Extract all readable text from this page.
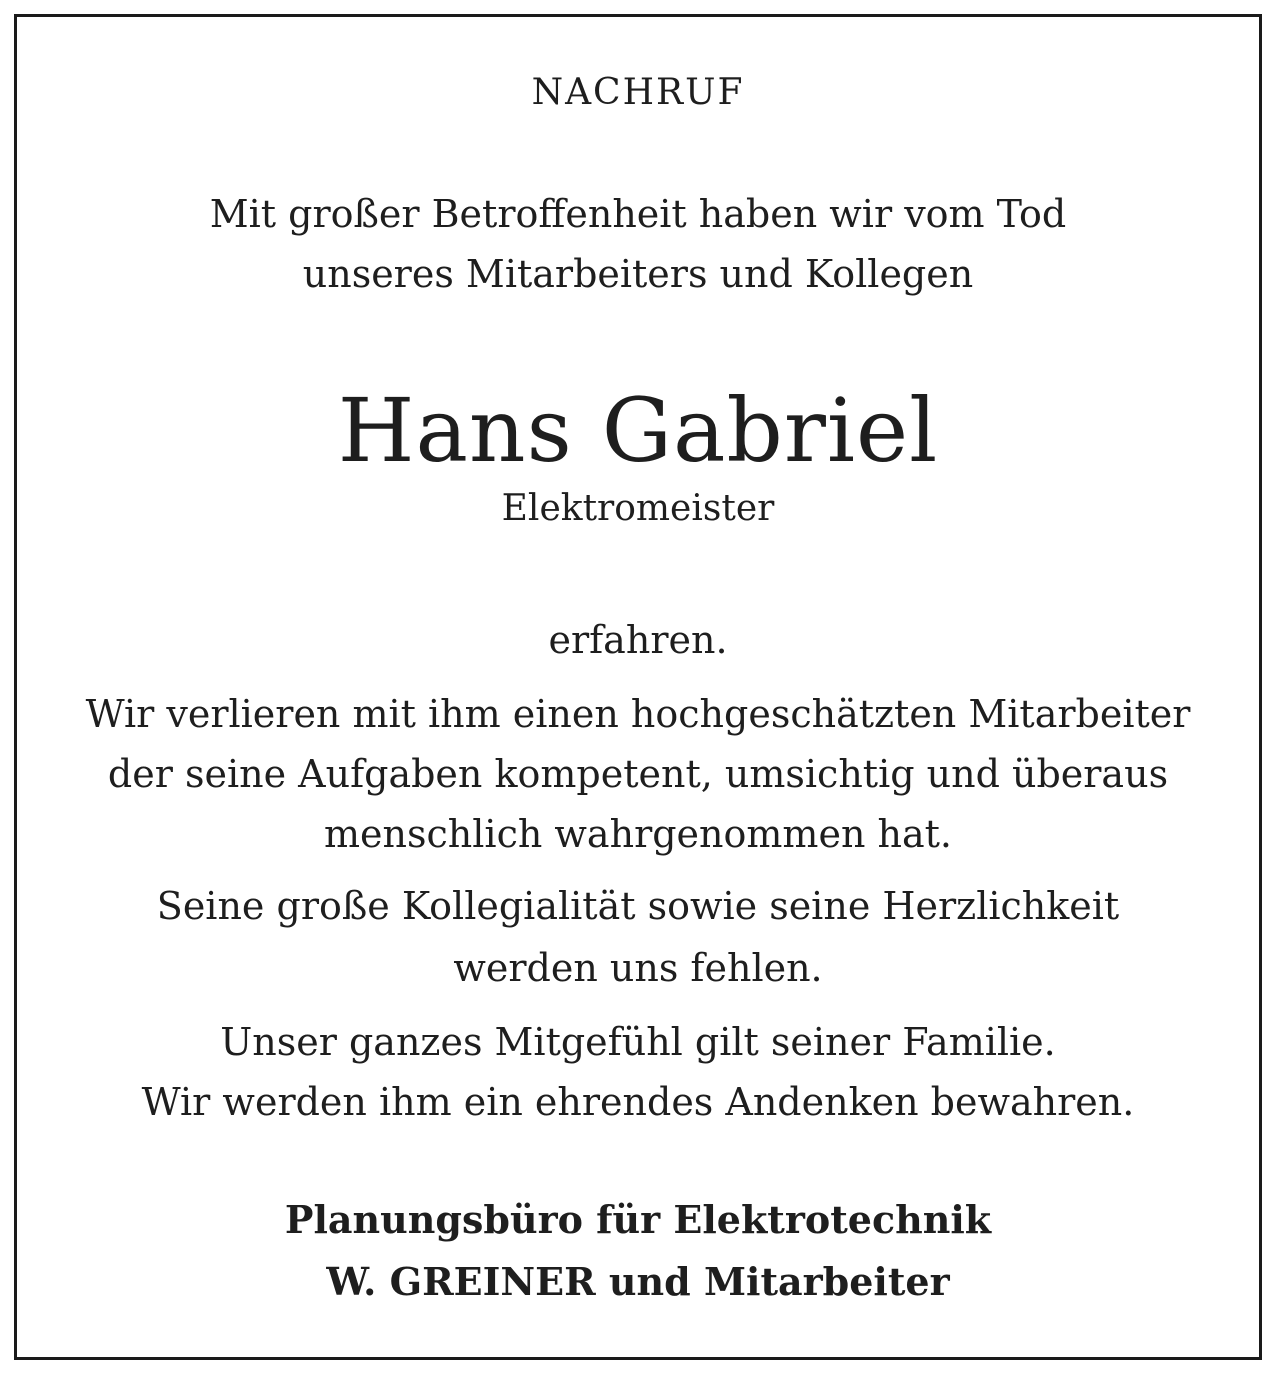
NACHRUF
Mit großer Betroffenheit haben wir vom Tod
unseres Mitarbeiters und Kollegen
Hans Gabriel
Elektromeister
erfahren.
Wir verlieren mit ihm einen hochgeschätzten Mitarbeiter
der seine Aufgaben kompetent, umsichtig und überaus
menschlich wahrgenommen hat.
Seine große Kollegialität sowie seine Herzlichkeit
werden uns fehlen.
Unser ganzes Mitgefühl gilt seiner Familie.
Wir werden ihm ein ehrendes Andenken bewahren.
Planungsbüro für Elektrotechnik
W. GREINER und Mitarbeiter
